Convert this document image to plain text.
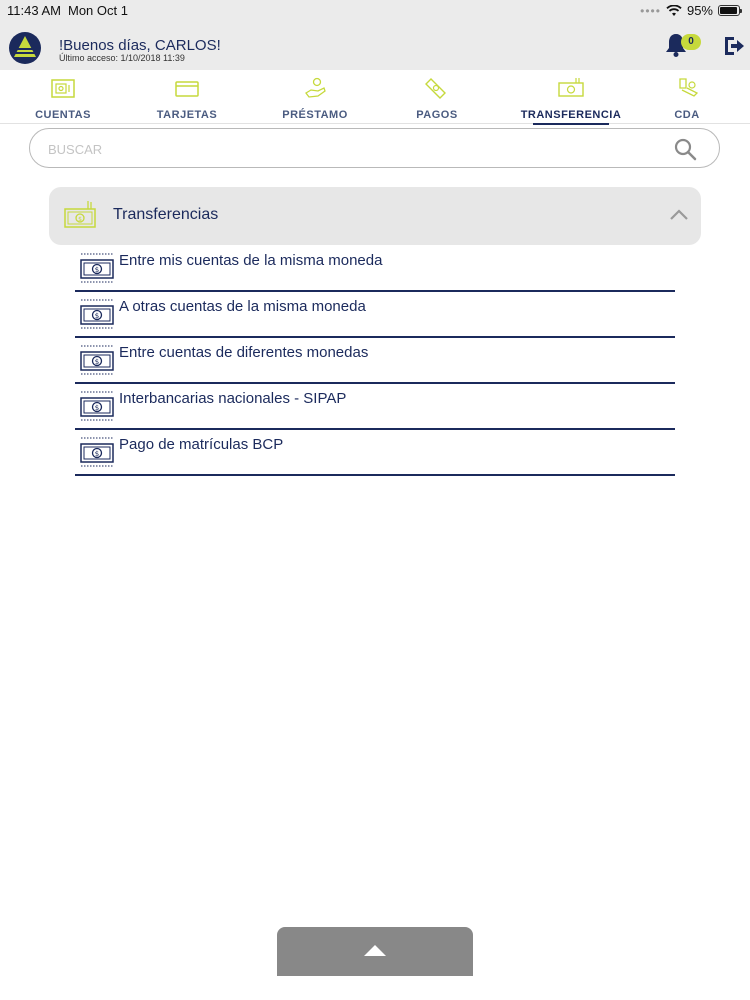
11:43 AM Mon Oct 1	•••• 95%
!Buenos días, CARLOS!
Último acceso: 1/10/2018 11:39
0
CUENTAS	TARJETAS	PRÉSTAMO	PAGOS	TRANSFERENCIA	CDA
BUSCAR
$ Transferencias
$
Entre mis cuentas de la misma moneda
$
A otras cuentas de la misma moneda
$
Entre cuentas de diferentes monedas
$
Interbancarias nacionales - SIPAP
$
Pago de matrículas BCP
